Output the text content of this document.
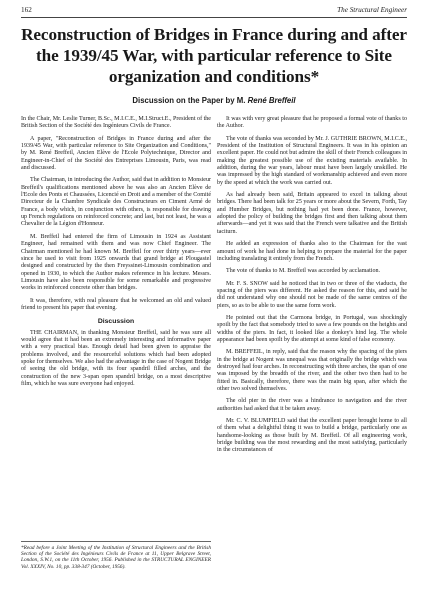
162	The Structural Engineer
Reconstruction of Bridges in France during and after the 1939/45 War, with particular reference to Site organization and conditions*
Discussion on the Paper by M. René Breffeil

In the Chair, Mr. Leslie Turner, B.Sc., M.I.C.E., M.I.Struct.E., President of the British Section of the Société des Ingénieurs Civils de France.

A paper, "Reconstruction of Bridges in France during and after the 1939/45 War, with particular reference to Site Organization and Conditions," by M. René Breffeil, Ancien Elève de l'Ecole Polytechnique, Director and Engineer-in-Chief of the Société des Entreprises Limousin, Paris, was read and discussed.

The Chairman, in introducing the Author, said that in addition to Monsieur Breffeil's qualifications mentioned above he was also an Ancien Elève de l'Ecole des Ponts et Chaussées, Licencié en Droit and a member of the Comité Directeur de la Chambre Syndicale des Constructeurs en Ciment Armé de France, a body which, in conjunction with others, is responsible for drawing up French regulations on reinforced concrete; and last, but not least, he was a Chevalier de la Légion d'Honneur.

M. Breffeil had entered the firm of Limousin in 1924 as Assistant Engineer, had remained with them and was now Chief Engineer. The Chairman mentioned he had known M. Breffeil for over thirty years—ever since he used to visit from 1925 onwards that grand bridge at Plougastel designed and constructed by the then Freyssinet-Limousin combination and opened in 1930, to which the Author makes reference in his lecture. Messrs. Limousin have also been responsible for some remarkable and progressive works in reinforced concrete other than bridges.

It was, therefore, with real pleasure that he welcomed an old and valued friend to present his paper that evening.

Discussion

THE CHAIRMAN, in thanking Monsieur Breffeil, said he was sure all would agree that it had been an extremely interesting and informative paper with a very practical bias. Enough detail had been given to appraise the problems involved, and the resourceful solutions which had been adopted spoke for themselves. We also had the advantage in the case of Nogent Bridge of seeing the old bridge, with its four spandril filled arches, and the construction of the new 3-span open spandril bridge, on a most descriptive film, which he was sure everyone had enjoyed.

*Read before a Joint Meeting of the Institution of Structural Engineers and the British Section of the Société des Ingénieurs Civils de France at 11, Upper Belgrave Street, London, S.W.1, on the 11th October, 1956. Published in the STRUCTURAL ENGINEER Vol. XXXIV, No. 10, pp. 338-347 (October, 1956).

It was with very great pleasure that he proposed a formal vote of thanks to the Author.

The vote of thanks was seconded by Mr. J. GUTHRIE BROWN, M.I.C.E., President of the Institution of Structural Engineers. It was in his opinion an excellent paper. He could not but admire the skill of their French colleagues in making the greatest possible use of the existing materials available. In addition, during the war years, labour must have been largely unskilled. He was impressed by the high standard of workmanship achieved and even more by the speed at which the work was carried out.

As had already been said, Britain appeared to excel in talking about bridges. There had been talk for 25 years or more about the Severn, Forth, Tay and Humber Bridges, but nothing had yet been done. France, however, adopted the policy of building the bridges first and then talking about them afterwards—and yet it was said that the French were talkative and the British taciturn.

He added an expression of thanks also to the Chairman for the vast amount of work he had done in helping to prepare the material for the paper including translating it entirely from the French.

The vote of thanks to M. Breffeil was accorded by acclamation.

Mr. F. S. SNOW said he noticed that in two or three of the viaducts, the spacing of the piers was different. He asked the reason for this, and said he did not understand why one should not be made of the same centres of the piers, so as to be able to use the same form work.

He pointed out that the Carmona bridge, in Portugal, was shockingly spoilt by the fact that somebody tried to save a few pounds on the heights and widths of the piers. In fact, it looked like a donkey's hind leg. The whole appearance had been spoilt by the attempt at some kind of false economy.

M. BREFFEIL, in reply, said that the reason why the spacing of the piers in the bridge at Nogent was unequal was that originally the bridge which was destroyed had four arches. In reconstructing with three arches, the span of one was imposed by the breadth of the river, and the other two then had to be fitted in. Basically, therefore, there was the main big span, after which the other two solved themselves.

The old pier in the river was a hindrance to navigation and the river authorities had asked that it be taken away.

Mr. C. V. BLUMFIELD said that the excellent paper brought home to all of them what a delightful thing it was to build a bridge, particularly one as handsome-looking as those built by M. Breffeil. Of all engineering work, bridge building was the most rewarding and the most satisfying, particularly in the circumstances of
